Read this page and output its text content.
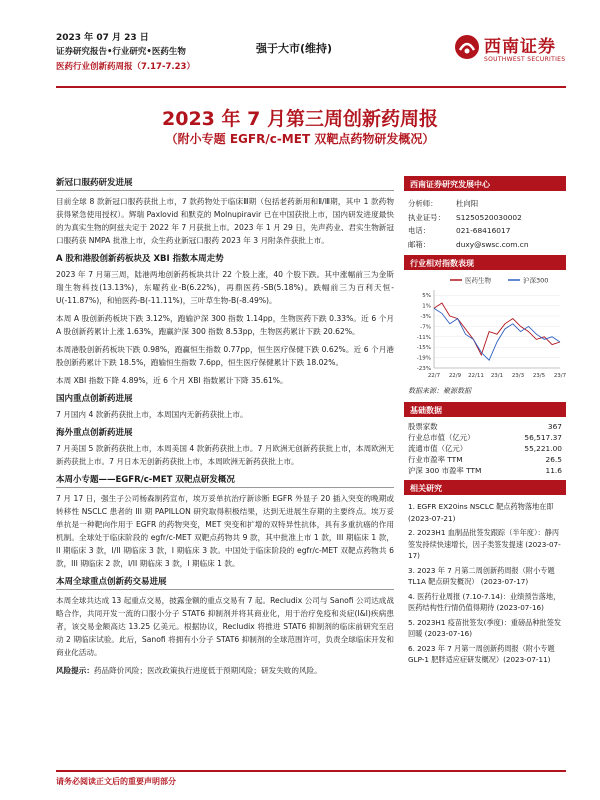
2023 年 07 月 23 日
证券研究报告•行业研究•医药生物
医药行业创新药周报（7.17-7.23）
强于大市(维持)	西南证券
SOUTHWEST SECURITIES
2023 年 7 月第三周创新药周报
（附小专题 EGFR/c-MET 双靶点药物研发概况）
新冠口服药研发进展

目前全球 8 款新冠口服药获批上市，7 款药物处于临床Ⅲ期（包括老药新用和Ⅱ/Ⅲ期，其中 1 款药物获得紧急使用授权）。辉瑞 Paxlovid 和默克的 Molnupiravir 已在中国获批上市，国内研发进度最快的为真实生物的阿兹夫定于 2022 年 7 月获批上市。2023 年 1 月 29 日，先声药业、君实生物新冠口服药获 NMPA 批准上市，众生药业新冠口服药 2023 年 3 月附条件获批上市。

A 股和港股创新药板块及 XBI 指数本周走势

2023 年 7 月第三周，陆港两地创新药板块共计 22 个股上涨，40 个股下跌。其中涨幅前三为金斯瑞生物科技(13.13%)，东曜药业-B(6.22%)，再鼎医药-SB(5.18%)。跌幅前三为百利天恒-U(-11.87%)，和铂医药-B(-11.11%)，三叶草生物-B(-8.49%)。

本周 A 股创新药板块下跌 3.12%，跑输沪深 300 指数 1.14pp，生物医药下跌 0.33%。近 6 个月 A 股创新药累计上涨 1.63%，跑赢沪深 300 指数 8.53pp，生物医药累计下跌 20.62%。

本周港股创新药板块下跌 0.98%，跑赢恒生指数 0.77pp，恒生医疗保健下跌 0.62%。近 6 个月港股创新药累计下跌 18.5%，跑输恒生指数 7.6pp，恒生医疗保健累计下跌 18.02%。

本周 XBI 指数下降 4.89%，近 6 个月 XBI 指数累计下降 35.61%。

国内重点创新药进展

7 月国内 4 款新药获批上市，本周国内无新药获批上市。

海外重点创新药进展

7 月美国 5 款新药获批上市，本周美国 4 款新药获批上市。7 月欧洲无创新药获批上市，本周欧洲无新药获批上市。7 月日本无创新药获批上市，本周欧洲无新药获批上市。

本周小专题——EGFR/c-MET 双靶点研发概况

7 月 17 日，强生子公司杨森制药宣布，埃万妥单抗治疗新诊断 EGFR 外显子 20 插入突变的晚期或转移性 NSCLC 患者的 III 期 PAPILLON 研究取得积极结果，达到无进展生存期的主要终点。埃万妥单抗是一种靶向作用于 EGFR 的药物突变，MET 突变和扩增的双特异性抗体，具有多重抗癌的作用机制。全球处于临床阶段的 egfr/c-MET 双靶点药物共 9 款，其中批准上市 1 款，III 期临床 1 款，II 期临床 3 款，I/II 期临床 3 款，I 期临床 3 款。中国处于临床阶段的 egfr/c-MET 双靶点药物共 6 款，III 期临床 2 款，I/II 期临床 3 款，I 期临床 1 款。

本周全球重点创新药交易进展

本周全球共达成 13 起重点交易，披露金额的重点交易有 7 起。Recludix 公司与 Sanofi 公司达成战略合作，共同开发一流的口服小分子 STAT6 抑制剂并将其商业化，用于治疗免疫和炎症(I&I)疾病患者，该交易金额高达 13.25 亿美元。根据协议，Recludix 将推进 STAT6 抑制剂的临床前研究至启动 2 期临床试验。此后，Sanofi 将拥有小分子 STAT6 抑制剂的全球范围许可，负责全球临床开发和商业化活动。

风险提示：药品降价风险；医改政策执行进度低于预期风险；研发失败的风险。

西南证券研究发展中心
分析师：	杜向阳
执业证号：	S1250520030002
电话：	021-68416017
邮箱：	duxy@swsc.com.cn
行业相对指数表现
医药生物	沪深300
5%
1%
-3%
-7%
-11%
-15%
-19%
-23%
22/7 22/9 22/11 23/1 23/3 23/5 23/7
数据来源：聚源数据
基础数据
股票家数	367
行业总市值（亿元）	56,517.37
流通市值（亿元）	55,221.00
行业市盈率 TTM	26.5
沪深 300 市盈率 TTM	11.6
相关研究
1. EGFR EX20ins NSCLC 靶点药物落地在即 (2023-07-21)
2. 2023H1 血制品批签发跟踪（半年度）：静丙签发持续快速增长，因子类签发提速 (2023-07-17)
3. 2023 年 7 月第二周创新药周报（附小专题 TL1A 靶点研发概况） (2023-07-17)
4. 医药行业周报 (7.10-7.14)：业绩预告落地，医药结构性行情仍值得期待 (2023-07-16)
5. 2023H1 疫苗批签发(季度)：重磅品种批签发回暖 (2023-07-16)
6. 2023 年 7 月第一周创新药周报（附小专题 GLP-1 肥胖适应症研发概况）(2023-07-11)
请务必阅读正文后的重要声明部分
